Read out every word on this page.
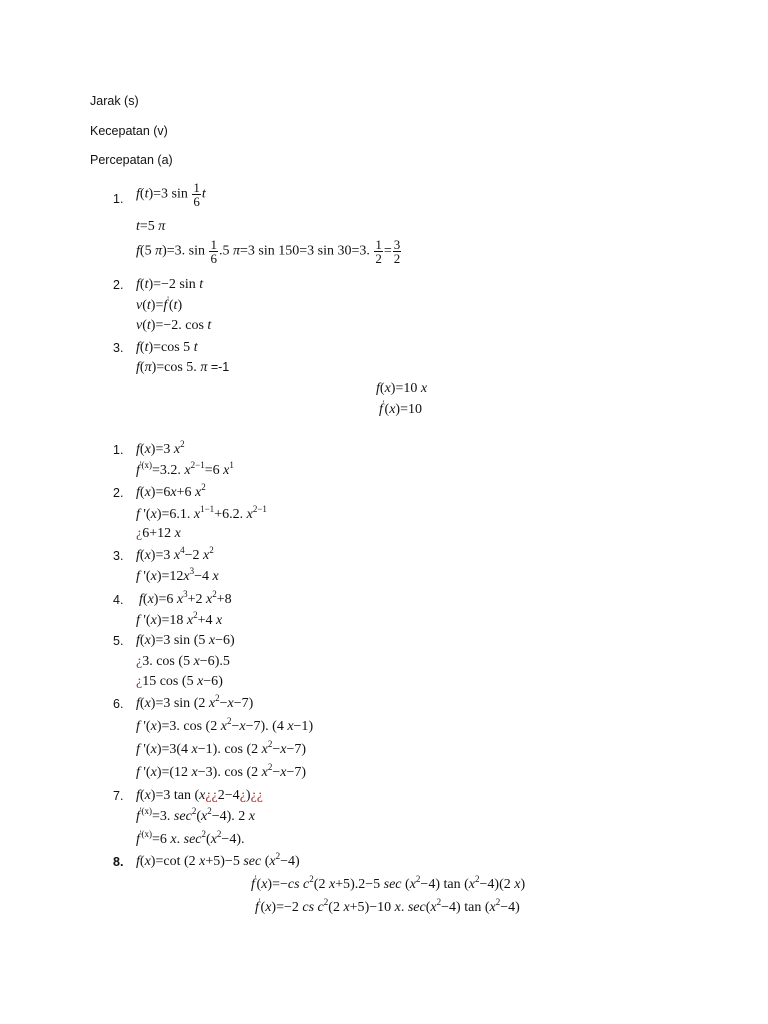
Jarak (s)
Kecepatan (v)
Percepatan (a)
1. f(t)=3 $\sin \frac{1}{6}$ t
t=5 π
f(5 π)=3. $\sin \frac{1}{6} .5$ π=3 sin 150=3 sin 30=3. $\frac{1}{2} = \frac{3}{2}$
2. f(t)=−2 sin t
v(t)=f'(t)
v(t)=−2. cos t
3. f(t)=cos 5 t
f(π)=cos 5. π =-1
f(x)=10 x
f'(x)=10
1. f(x)=3 $x^2$
$f^{'(x)}=3.2$. $x^{2-1}=6$ $x^1$
2. f(x)=6x+6 $x^2$
f '(x)=6.1. $x^{1-1}+6.2$. $x^{2-1}$
¿6+12 x
3. f(x)=3 $x^4-2$ $x^2$
f '$(x)=12x^3-4$ x
4. f(x)=6 $x^3+2$ $x^2+8$
f '(x)=18 $x^2+4$ x
5. f(x)=3 sin (5 x−6)
¿3. cos (5 x−6).5
¿15 cos (5 x−6)
6. f(x)=3 sin (2 $x^2-x-7$)
f '(x)=3. cos (2 $x^2-x-7$). (4 x−1)
f '(x)=3(4 x−1). cos (2 $x^2-x-7$)
f '(x)=(12 x−3). cos (2 $x^2-x-7$)
7. f(x)=3 tan (x¿¿2−4¿)¿¿
$f^{'(x)}=3$. $\sec^2(x^2-4)$. 2 x
$f^{'(x)}=6$ x. $\sec^2(x^2-4)$.
8. f(x)=cot (2 x+5)−5 $\sec (x^2-4)$
f'(x)=−cs $c^2(2$ x+5).2−5 $\sec (x^2-4)$ $\tan (x^2-4)(2$ x)
f'(x)=−2 cs $c^2(2$ x+5)−10 x. $\sec(x^2-4)$ $\tan (x^2-4)$
